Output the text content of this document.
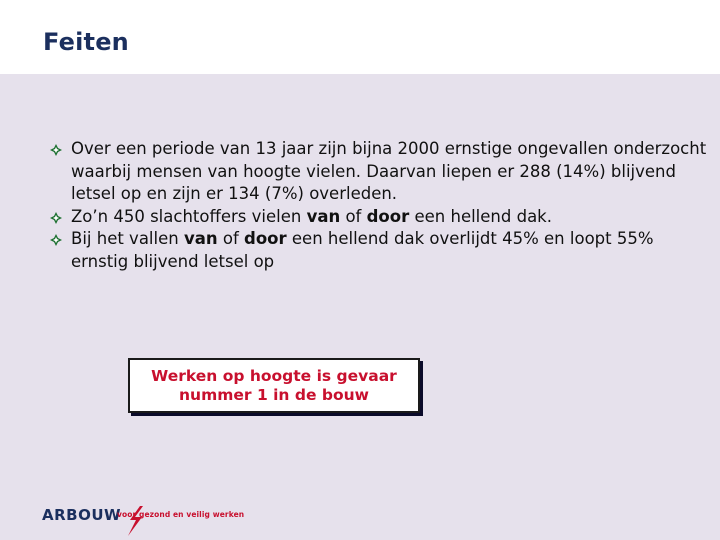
Feiten
Over een periode van 13 jaar zijn bijna 2000 ernstige ongevallen onderzocht waarbij mensen van hoogte vielen. Daarvan liepen er 288 (14%) blijvend letsel op en zijn er 134 (7%) overleden.
Zo’n 450 slachtoffers vielen van of door een hellend dak.
Bij het vallen van of door een hellend dak overlijdt 45% en loopt 55% ernstig blijvend letsel op
Werken op hoogte is gevaar
nummer 1 in de bouw
ARBOUW
voor gezond en veilig werken
